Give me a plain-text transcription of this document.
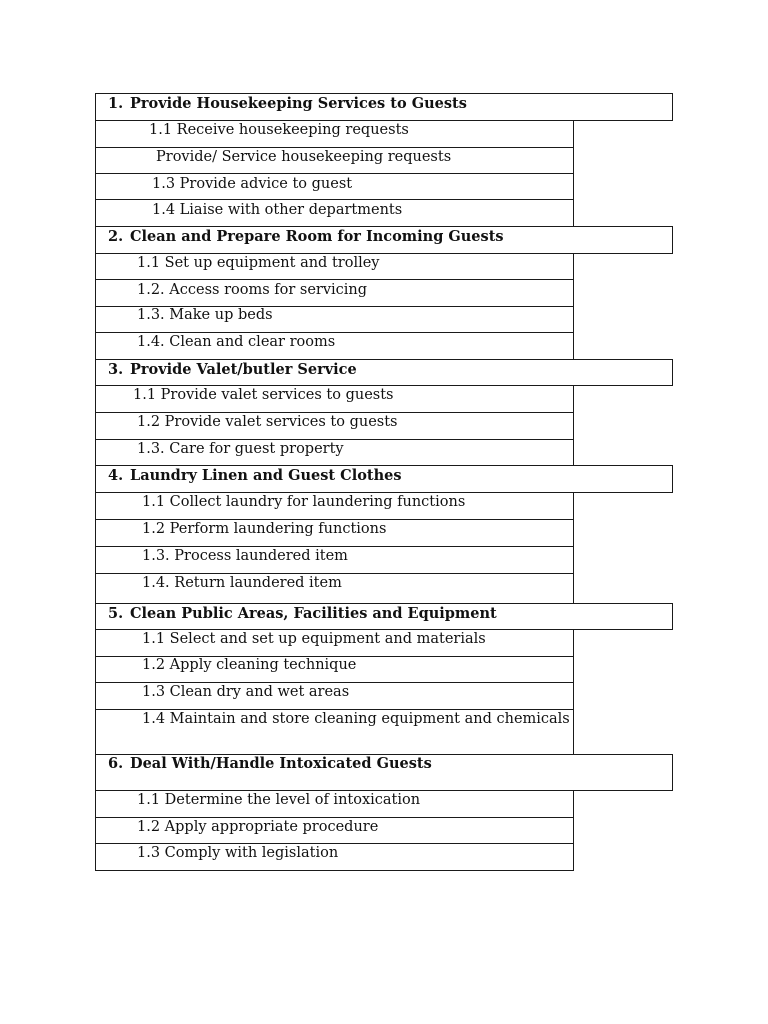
1. Provide Housekeeping Services to Guests
1.1 Receive housekeeping requests
Provide/ Service housekeeping requests
1.3 Provide advice to guest
1.4 Liaise with other departments
2. Clean and Prepare Room for Incoming Guests
1.1 Set up equipment and trolley
1.2. Access rooms for servicing
1.3. Make up beds
1.4. Clean and clear rooms
3. Provide Valet/butler Service
1.1 Provide valet services to guests
1.2 Provide valet services to guests
1.3. Care for guest property
4. Laundry Linen and Guest Clothes
1.1 Collect laundry for laundering functions
1.2 Perform laundering functions
1.3. Process laundered item
1.4. Return laundered item
5. Clean Public Areas, Facilities and Equipment
1.1 Select and set up equipment and materials
1.2 Apply cleaning technique
1.3 Clean dry and wet areas
1.4 Maintain and store cleaning equipment and chemicals
6. Deal With/Handle Intoxicated Guests
1.1 Determine the level of intoxication
1.2 Apply appropriate procedure
1.3 Comply with legislation
